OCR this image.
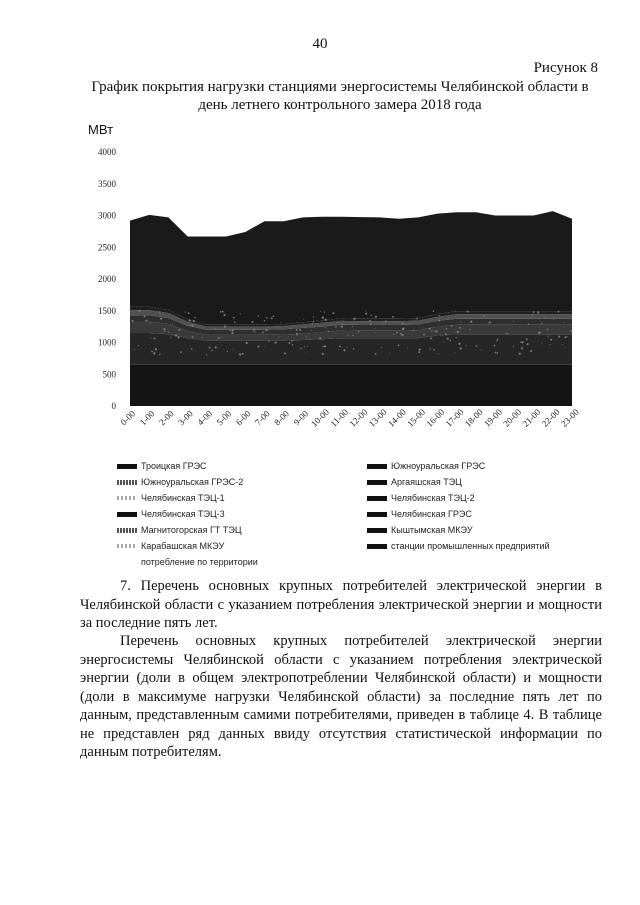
40
Рисунок 8
График покрытия нагрузки станциями энергосистемы Челябинской области в
день летнего контрольного замера 2018 года
МВт
0
500
1000
1500
2000
2500
3000
3500
4000
0-00 1-00 2-00 3-00 4-00 5-00 6-00 7-00 8-00 9-00
10-00
11-00
12-00
13-00
14-00
15-00
16-00
17-00
18-00
19-00
20-00
21-00
22-00
23-00
Троицкая ГРЭС
Южноуральская ГРЭС-2
Челябинская ТЭЦ-1
Челябинская ТЭЦ-3
Магнитогорская ГТ ТЭЦ
Карабашская МКЭУ
потребление по территории
Южноуральская ГРЭС
Аргаяшская ТЭЦ
Челябинская ТЭЦ-2
Челябинская ГРЭС
Кыштымская МКЭУ
станции промышленных предприятий
7. Перечень основных крупных потребителей электрической энергии в Челябинской области с указанием потребления электрической энергии и мощности за последние пять лет.
Перечень основных крупных потребителей электрической энергии энергосистемы Челябинской области с указанием потребления электрической энергии (доли в общем электропотреблении Челябинской области) и мощности (доли в максимуме нагрузки Челябинской области) за последние пять лет по данным, представленным самими потребителями, приведен в таблице 4. В таблице не представлен ряд данных ввиду отсутствия статистической информации по данным потребителям.
